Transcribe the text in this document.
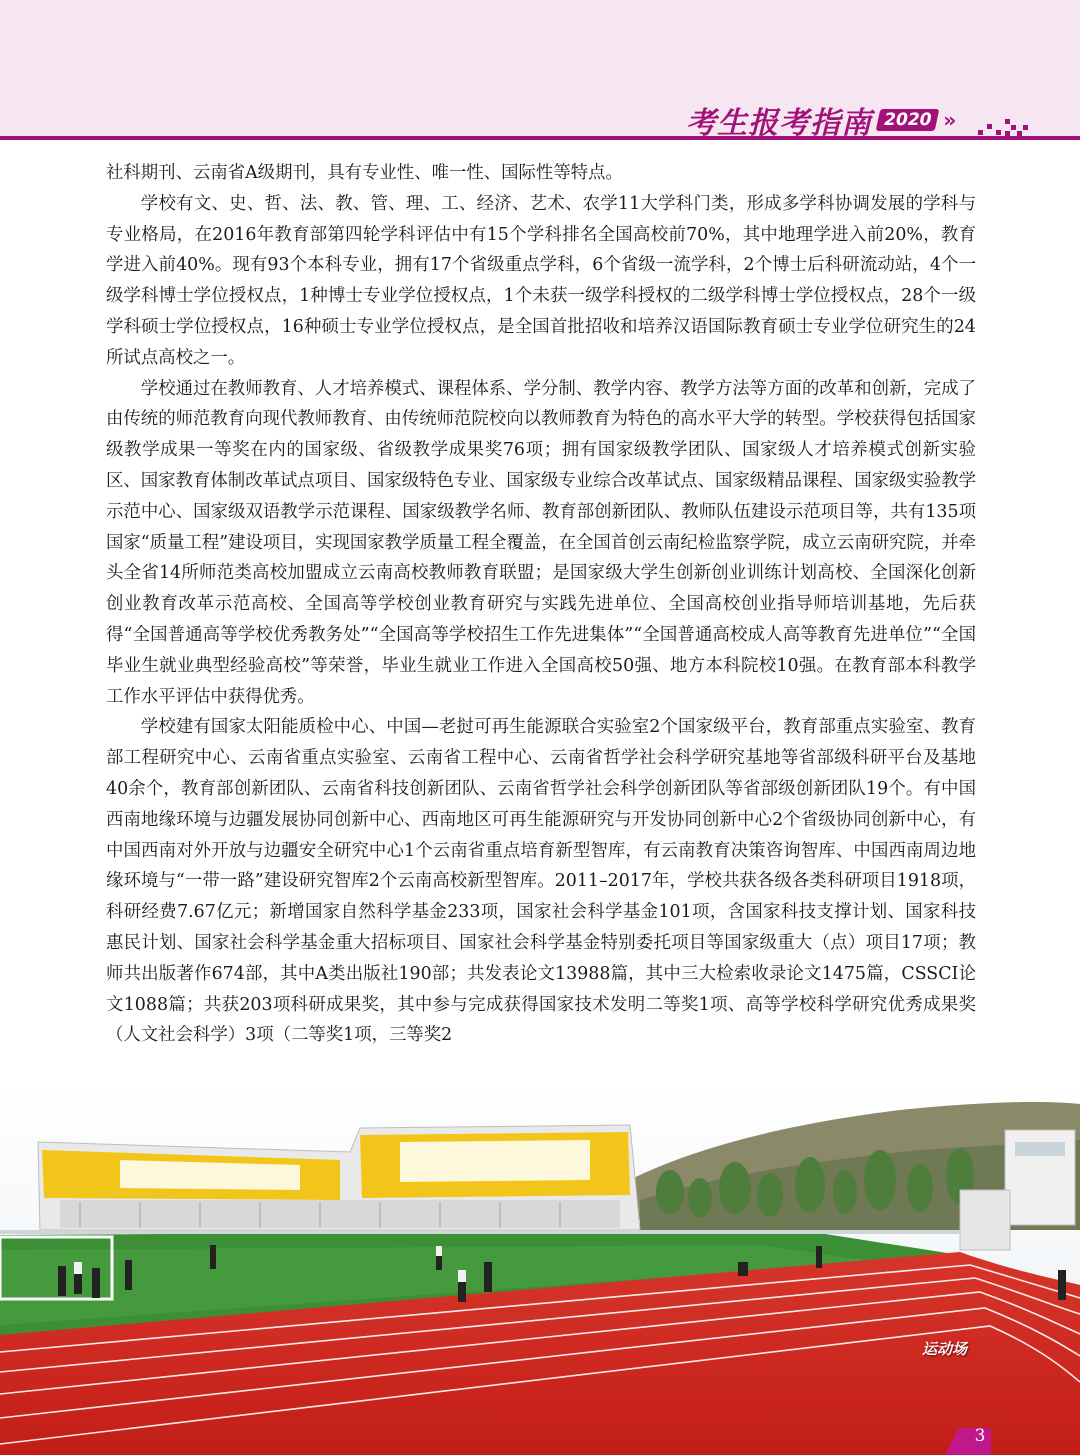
考生报考指南 2020 »

社科期刊、云南省A级期刊，具有专业性、唯一性、国际性等特点。

学校有文、史、哲、法、教、管、理、工、经济、艺术、农学11大学科门类，形成多学科协调发展的学科与专业格局，在2016年教育部第四轮学科评估中有15个学科排名全国高校前70%，其中地理学进入前20%，教育学进入前40%。现有93个本科专业，拥有17个省级重点学科，6个省级一流学科，2个博士后科研流动站，4个一级学科博士学位授权点，1种博士专业学位授权点，1个未获一级学科授权的二级学科博士学位授权点，28个一级学科硕士学位授权点，16种硕士专业学位授权点，是全国首批招收和培养汉语国际教育硕士专业学位研究生的24所试点高校之一。

学校通过在教师教育、人才培养模式、课程体系、学分制、教学内容、教学方法等方面的改革和创新，完成了由传统的师范教育向现代教师教育、由传统师范院校向以教师教育为特色的高水平大学的转型。学校获得包括国家级教学成果一等奖在内的国家级、省级教学成果奖76项；拥有国家级教学团队、国家级人才培养模式创新实验区、国家教育体制改革试点项目、国家级特色专业、国家级专业综合改革试点、国家级精品课程、国家级实验教学示范中心、国家级双语教学示范课程、国家级教学名师、教育部创新团队、教师队伍建设示范项目等，共有135项国家“质量工程”建设项目，实现国家教学质量工程全覆盖，在全国首创云南纪检监察学院，成立云南研究院，并牵头全省14所师范类高校加盟成立云南高校教师教育联盟；是国家级大学生创新创业训练计划高校、全国深化创新创业教育改革示范高校、全国高等学校创业教育研究与实践先进单位、全国高校创业指导师培训基地，先后获得“全国普通高等学校优秀教务处”“全国高等学校招生工作先进集体”“全国普通高校成人高等教育先进单位”“全国毕业生就业典型经验高校”等荣誉，毕业生就业工作进入全国高校50强、地方本科院校10强。在教育部本科教学工作水平评估中获得优秀。

学校建有国家太阳能质检中心、中国—老挝可再生能源联合实验室2个国家级平台，教育部重点实验室、教育部工程研究中心、云南省重点实验室、云南省工程中心、云南省哲学社会科学研究基地等省部级科研平台及基地40余个，教育部创新团队、云南省科技创新团队、云南省哲学社会科学创新团队等省部级创新团队19个。有中国西南地缘环境与边疆发展协同创新中心、西南地区可再生能源研究与开发协同创新中心2个省级协同创新中心，有中国西南对外开放与边疆安全研究中心1个云南省重点培育新型智库，有云南教育决策咨询智库、中国西南周边地缘环境与“一带一路”建设研究智库2个云南高校新型智库。2011–2017年，学校共获各级各类科研项目1918项，科研经费7.67亿元；新增国家自然科学基金233项，国家社会科学基金101项，含国家科技支撑计划、国家科技惠民计划、国家社会科学基金重大招标项目、国家社会科学基金特别委托项目等国家级重大（点）项目17项；教师共出版著作674部，其中A类出版社190部；共发表论文13988篇，其中三大检索收录论文1475篇，CSSCI论文1088篇；共获203项科研成果奖，其中参与完成获得国家技术发明二等奖1项、高等学校科学研究优秀成果奖（人文社会科学）3项（二等奖1项，三等奖2

运动场
3
